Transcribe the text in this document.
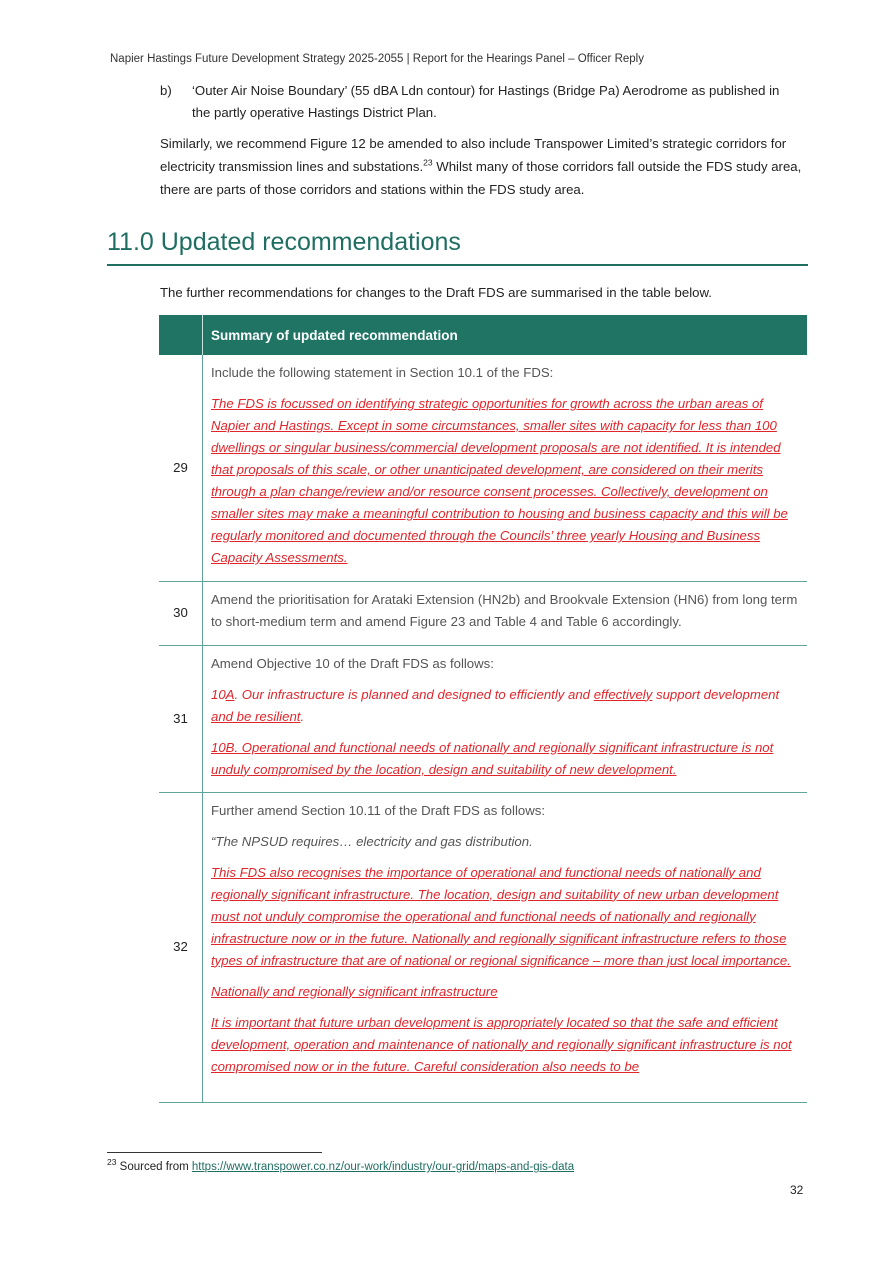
Napier Hastings Future Development Strategy 2025-2055 | Report for the Hearings Panel – Officer Reply
b) ‘Outer Air Noise Boundary’ (55 dBA Ldn contour) for Hastings (Bridge Pa) Aerodrome as published in the partly operative Hastings District Plan.
Similarly, we recommend Figure 12 be amended to also include Transpower Limited’s strategic corridors for electricity transmission lines and substations.$^{23}$ Whilst many of those corridors fall outside the FDS study area, there are parts of those corridors and stations within the FDS study area.
11.0 Updated recommendations
The further recommendations for changes to the Draft FDS are summarised in the table below.
	Summary of updated recommendation
29	Include the following statement in Section 10.1 of the FDS:

The FDS is focussed on identifying strategic opportunities for growth across the urban areas of Napier and Hastings. Except in some circumstances, smaller sites with capacity for less than 100 dwellings or singular business/commercial development proposals are not identified. It is intended that proposals of this scale, or other unanticipated development, are considered on their merits through a plan change/review and/or resource consent processes. Collectively, development on smaller sites may make a meaningful contribution to housing and business capacity and this will be regularly monitored and documented through the Councils’ three yearly Housing and Business Capacity Assessments.

30	Amend the prioritisation for Arataki Extension (HN2b) and Brookvale Extension (HN6) from long term to short-medium term and amend Figure 23 and Table 4 and Table 6 accordingly.

31	Amend Objective 10 of the Draft FDS as follows:

10A. Our infrastructure is planned and designed to efficiently and effectively support development and be resilient.

10B. Operational and functional needs of nationally and regionally significant infrastructure is not unduly compromised by the location, design and suitability of new development.

32	Further amend Section 10.11 of the Draft FDS as follows:

“The NPSUD requires… electricity and gas distribution.

This FDS also recognises the importance of operational and functional needs of nationally and regionally significant infrastructure. The location, design and suitability of new urban development must not unduly compromise the operational and functional needs of nationally and regionally infrastructure now or in the future. Nationally and regionally significant infrastructure refers to those types of infrastructure that are of national or regional significance – more than just local importance.

Nationally and regionally significant infrastructure

It is important that future urban development is appropriately located so that the safe and efficient development, operation and maintenance of nationally and regionally significant infrastructure is not compromised now or in the future. Careful consideration also needs to be

$^{23}$ Sourced from https://www.transpower.co.nz/our-work/industry/our-grid/maps-and-gis-data
32
